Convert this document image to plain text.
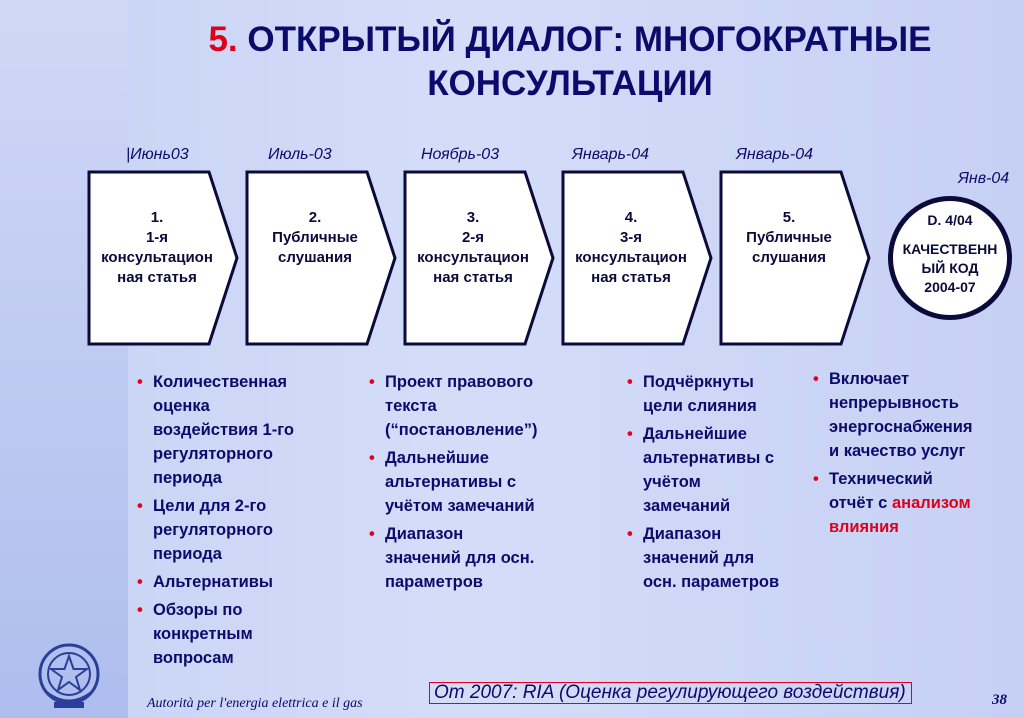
5. ОТКРЫТЫЙ ДИАЛОГ: МНОГОКРАТНЫЕ
КОНСУЛЬТАЦИИ
|Июнь03	Июль-03	Ноябрь-03	Январь-04	Январь-04
Янв-04
1.
1-я
консультацион
ная статья
2.
Публичные
слушания
3.
2-я
консультацион
ная статья
4.
3-я
консультацион
ная статья
5.
Публичные
слушания
D. 4/04
КАЧЕСТВЕНН
ЫЙ КОД
2004-07
• Количественная
оценка
воздействия 1-го
регуляторного
периода
• Цели для 2-го
регуляторного
периода
• Альтернативы
• Обзоры по
конкретным
вопросам
• Проект правового
текста
(“постановление”)
• Дальнейшие
альтернативы с
учётом замечаний
• Диапазон
значений для осн.
параметров
• Подчёркнуты
цели слияния
• Дальнейшие
альтернативы с
учётом
замечаний
• Диапазон
значений для
осн. параметров
• Включает
непрерывность
энергоснабжения
и качество услуг
• Технический
отчёт с анализом
влияния
Autorità per l'energia elettrica e il gas
От 2007: RIA (Оценка регулирующего воздействия)	38
